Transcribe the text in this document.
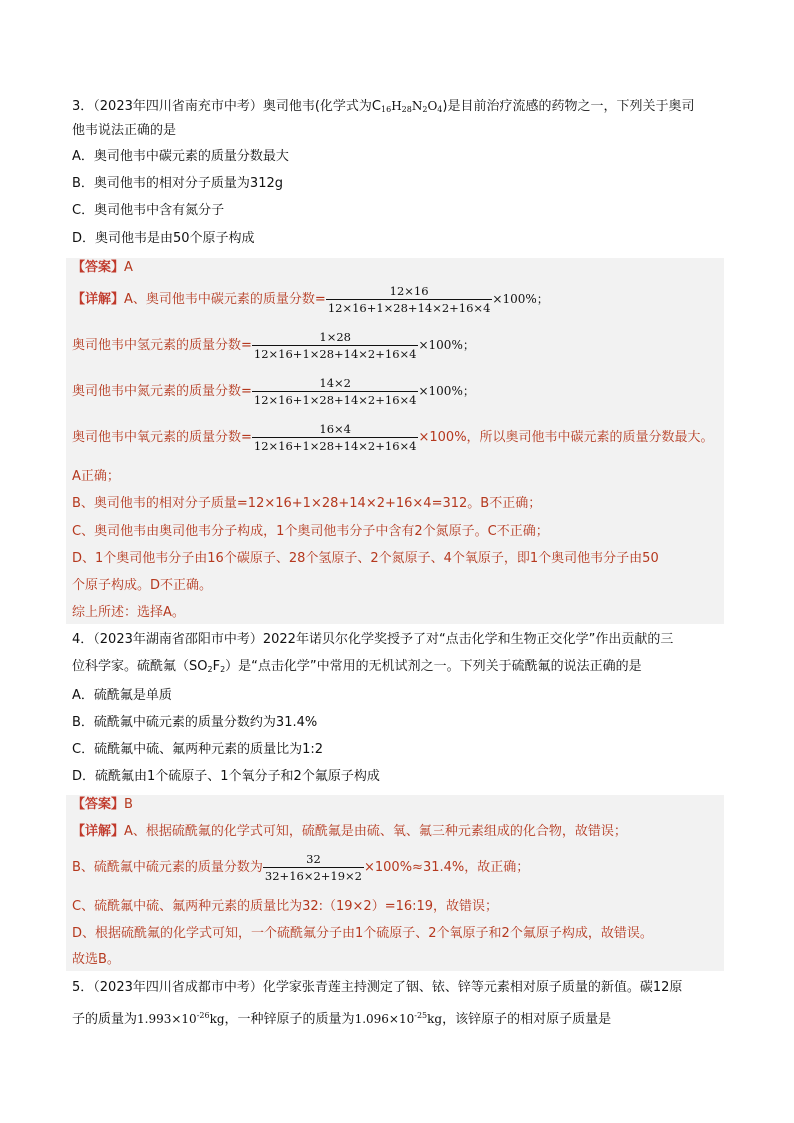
3．（2023年四川省南充市中考）奥司他韦(化学式为$C_{16}H_{28}N_2O_4$)是目前治疗流感的药物之一，下列关于奥司
他韦说法正确的是
A．奥司他韦中碳元素的质量分数最大
B．奥司他韦的相对分子质量为312g
C．奥司他韦中含有氮分子
D．奥司他韦是由50个原子构成
【答案】A
【详解】A、奥司他韦中碳元素的质量分数= $\frac{12\times 16}{12\times 16+1\times 28+14\times 2+16\times 4} \times 100\%$；
奥司他韦中氢元素的质量分数= $\frac{1\times 28}{12\times 16+1\times 28+14\times 2+16\times 4} \times 100\%$；
奥司他韦中氮元素的质量分数= $\frac{14\times 2}{12\times 16+1\times 28+14\times 2+16\times 4} \times 100\%$；
奥司他韦中氧元素的质量分数= $\frac{16\times 4}{12\times 16+1\times 28+14\times 2+16\times 4} \times 100\%$，所以奥司他韦中碳元素的质量分数最大。
A正确；
B、奥司他韦的相对分子质量=12×16+1×28+14×2+16×4=312。B不正确；
C、奥司他韦由奥司他韦分子构成，1个奥司他韦分子中含有2个氮原子。C不正确；
D、1个奥司他韦分子由16个碳原子、28个氢原子、2个氮原子、4个氧原子，即1个奥司他韦分子由50
个原子构成。D不正确。
综上所述：选择A。
4．（2023年湖南省邵阳市中考）2022年诺贝尔化学奖授予了对“点击化学和生物正交化学”作出贡献的三
位科学家。硫酰氟$(SO_2F_2)$是“点击化学”中常用的无机试剂之一。下列关于硫酰氟的说法正确的是
A．硫酰氟是单质
B．硫酰氟中硫元素的质量分数约为31.4%
C．硫酰氟中硫、氟两种元素的质量比为1:2
D．硫酰氟由1个硫原子、1个氧分子和2个氟原子构成
【答案】B
【详解】A、根据硫酰氟的化学式可知，硫酰氟是由硫、氧、氟三种元素组成的化合物，故错误；
B、硫酰氟中硫元素的质量分数为 $\frac{32}{32+16\times 2+19\times 2} \times 100\%\approx 31.4\%$，故正确；
C、硫酰氟中硫、氟两种元素的质量比为32:（19×2）=16:19，故错误；
D、根据硫酰氟的化学式可知，一个硫酰氟分子由1个硫原子、2个氧原子和2个氟原子构成，故错误。
故选B。
5．（2023年四川省成都市中考）化学家张青莲主持测定了铟、铱、锌等元素相对原子质量的新值。碳12原
子的质量为$1.993\times 10^{-26}kg$，一种锌原子的质量为$1.096\times 10^{-25}kg$，该锌原子的相对原子质量是
